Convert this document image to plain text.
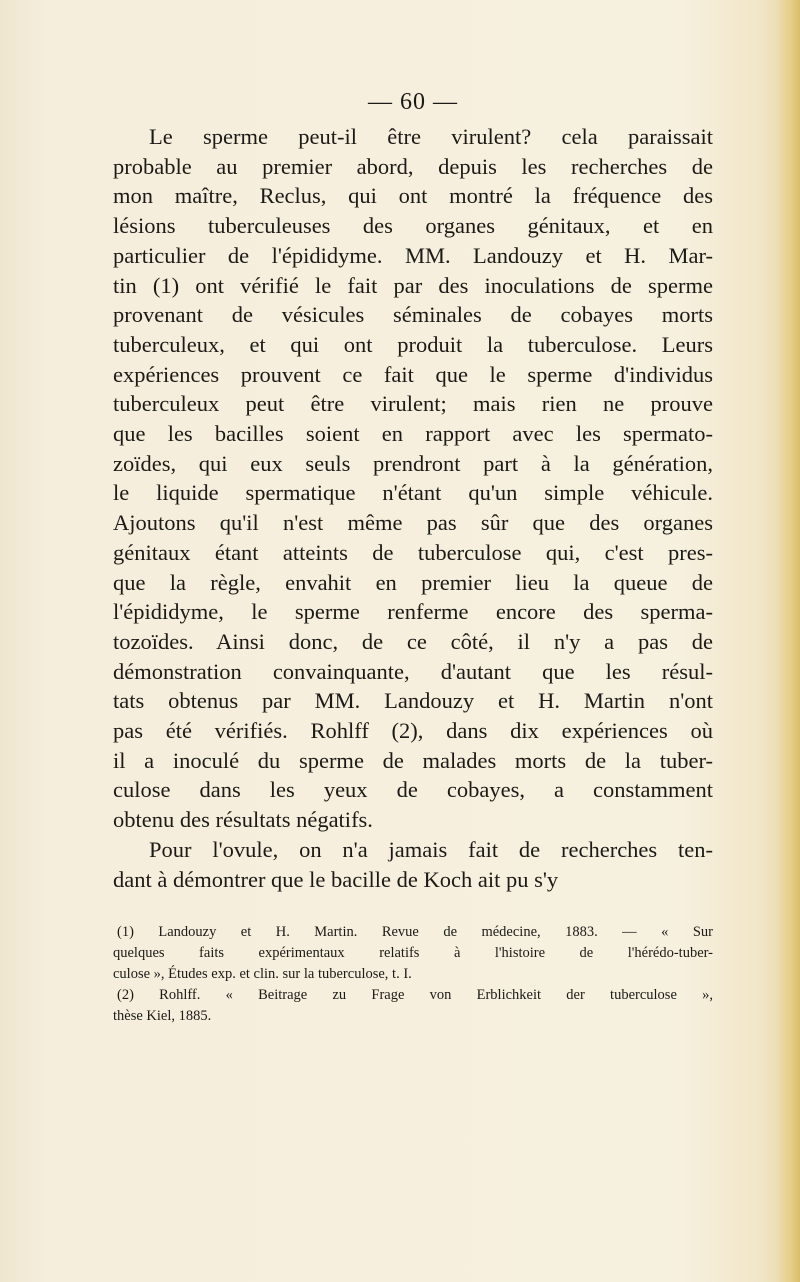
— 60 —
Le sperme peut-il être virulent? cela paraissait
probable au premier abord, depuis les recherches de
mon maître, Reclus, qui ont montré la fréquence des
lésions tuberculeuses des organes génitaux, et en
particulier de l'épididyme. MM. Landouzy et H. Mar-
tin (1) ont vérifié le fait par des inoculations de sperme
provenant de vésicules séminales de cobayes morts
tuberculeux, et qui ont produit la tuberculose. Leurs
expériences prouvent ce fait que le sperme d'individus
tuberculeux peut être virulent; mais rien ne prouve
que les bacilles soient en rapport avec les spermato-
zoïdes, qui eux seuls prendront part à la génération,
le liquide spermatique n'étant qu'un simple véhicule.
Ajoutons qu'il n'est même pas sûr que des organes
génitaux étant atteints de tuberculose qui, c'est pres-
que la règle, envahit en premier lieu la queue de
l'épididyme, le sperme renferme encore des sperma-
tozoïdes. Ainsi donc, de ce côté, il n'y a pas de
démonstration convainquante, d'autant que les résul-
tats obtenus par MM. Landouzy et H. Martin n'ont
pas été vérifiés. Rohlff (2), dans dix expériences où
il a inoculé du sperme de malades morts de la tuber-
culose dans les yeux de cobayes, a constamment
obtenu des résultats négatifs.
Pour l'ovule, on n'a jamais fait de recherches ten-
dant à démontrer que le bacille de Koch ait pu s'y
(1) Landouzy et H. Martin. Revue de médecine, 1883. — « Sur
quelques faits expérimentaux relatifs à l'histoire de l'hérédo-tuber-
culose », Études exp. et clin. sur la tuberculose, t. I.
(2) Rohlff. « Beitrage zu Frage von Erblichkeit der tuberculose »,
thèse Kiel, 1885.
